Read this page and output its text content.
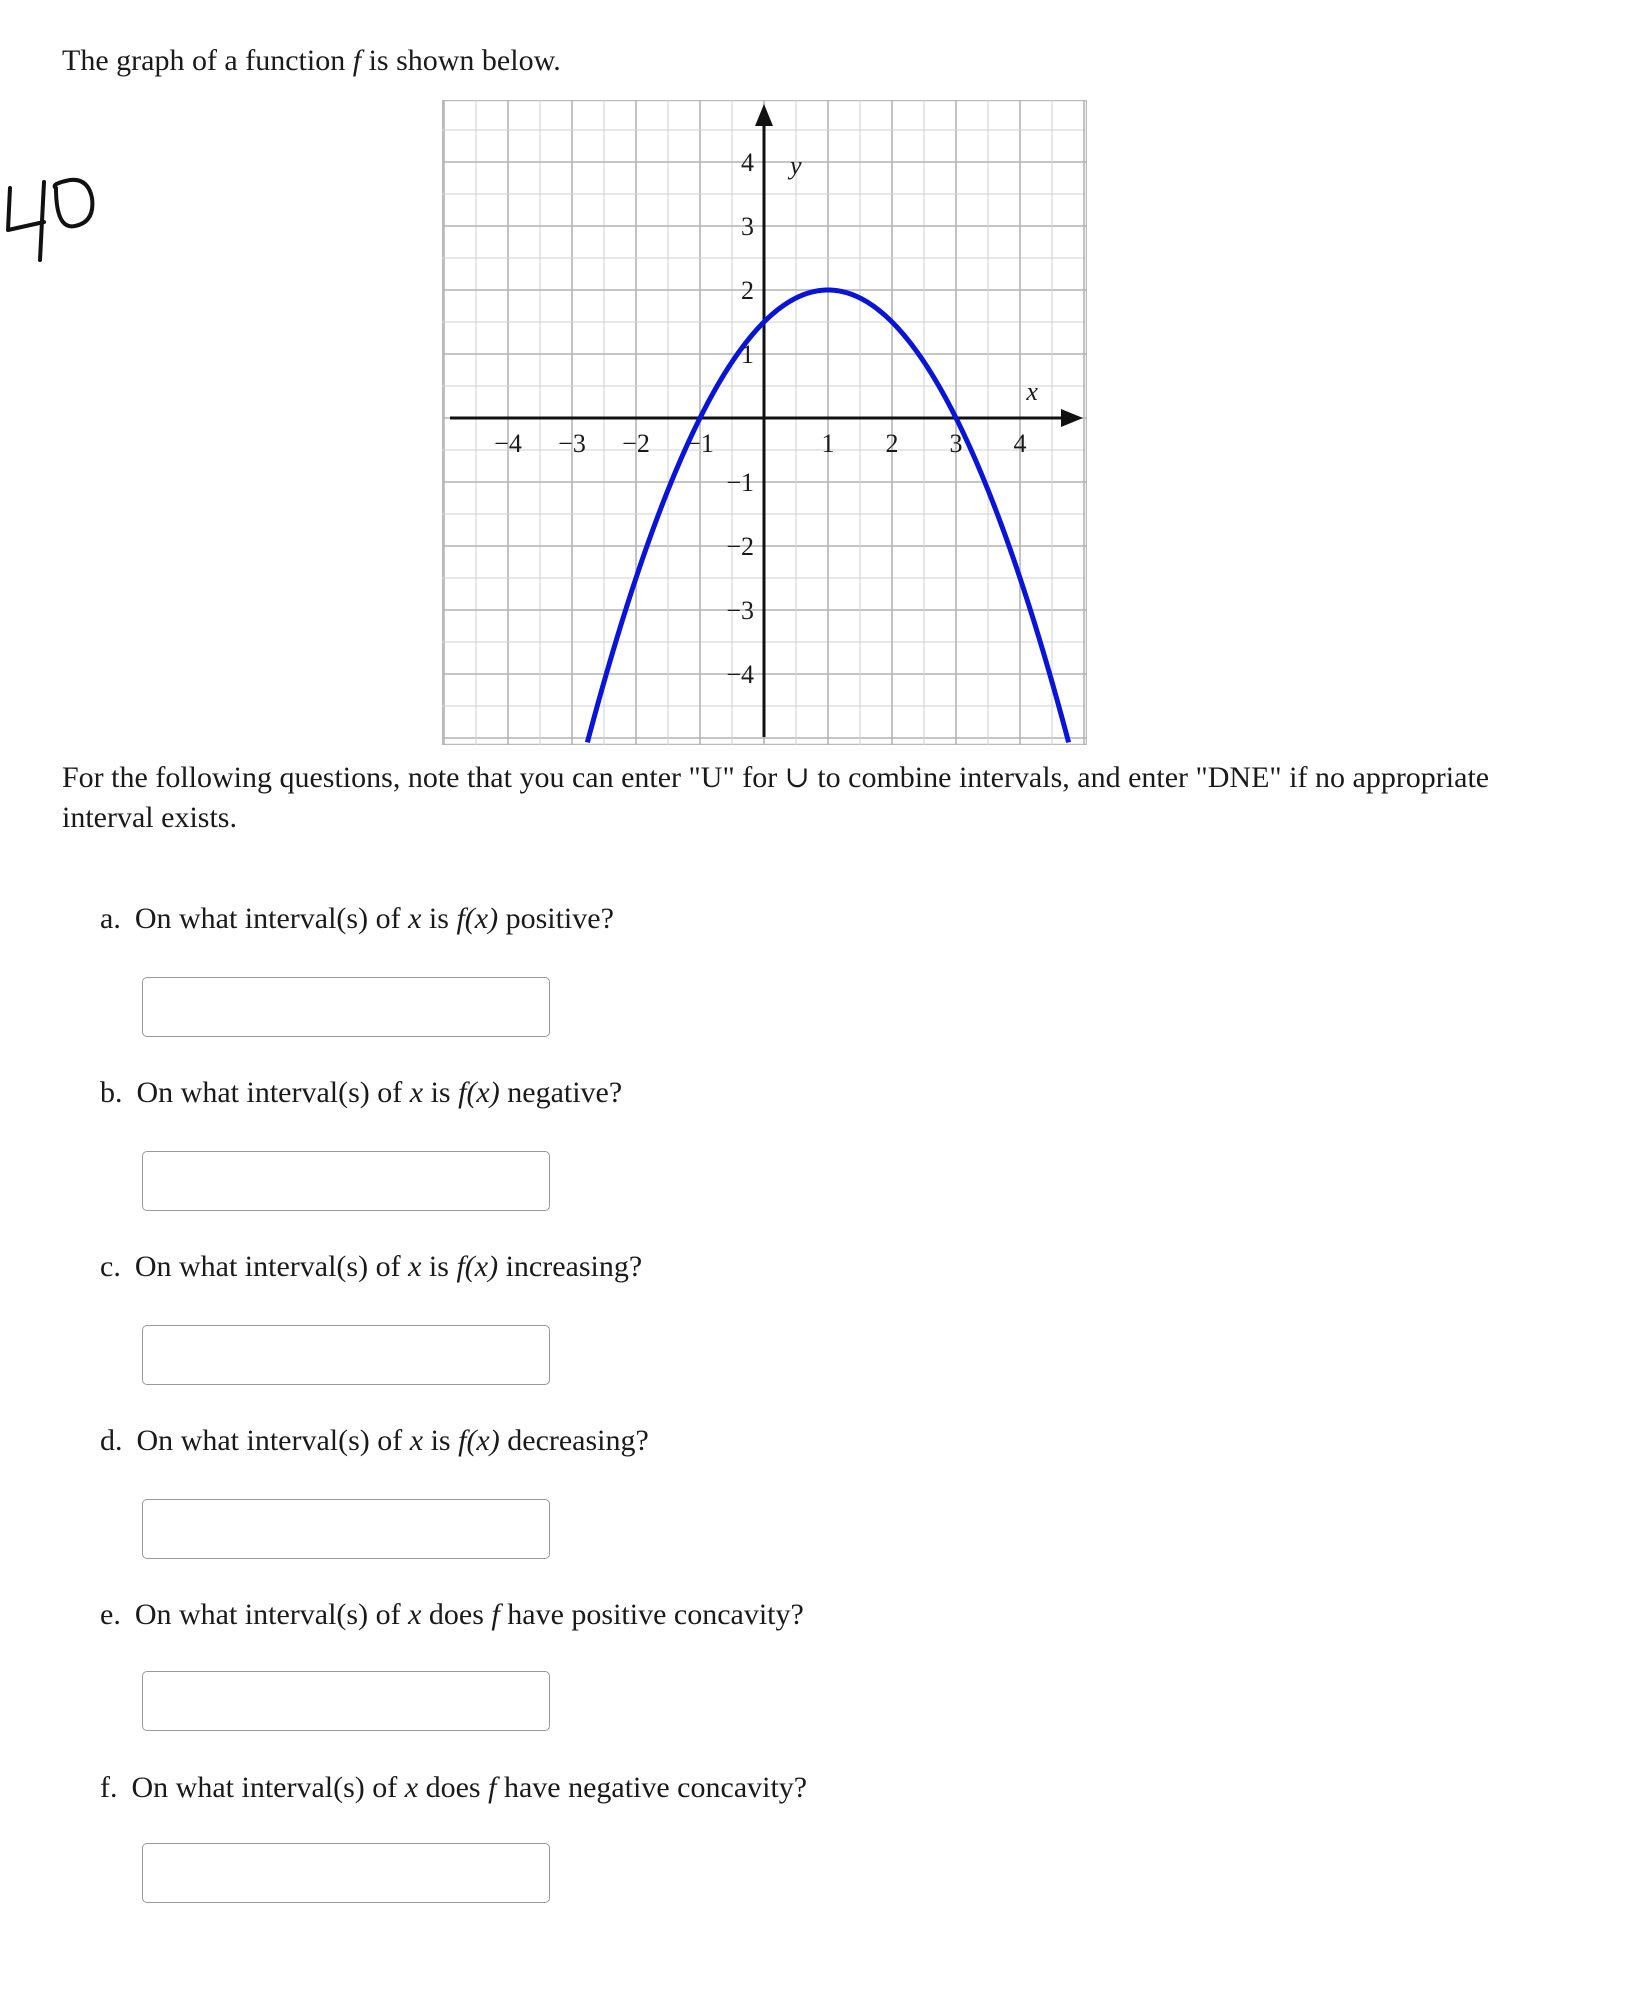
The graph of a function f is shown below.

−4 −3 −2 −1	1 2 3 4
4
3
2
1
−1
−2
−3
−4
y
x

For the following questions, note that you can enter "U" for ∪ to combine intervals, and enter "DNE" if no appropriate interval exists.

a. On what interval(s) of x is f(x) positive?

b. On what interval(s) of x is f(x) negative?

c. On what interval(s) of x is f(x) increasing?

d. On what interval(s) of x is f(x) decreasing?

e. On what interval(s) of x does f have positive concavity?

f. On what interval(s) of x does f have negative concavity?
